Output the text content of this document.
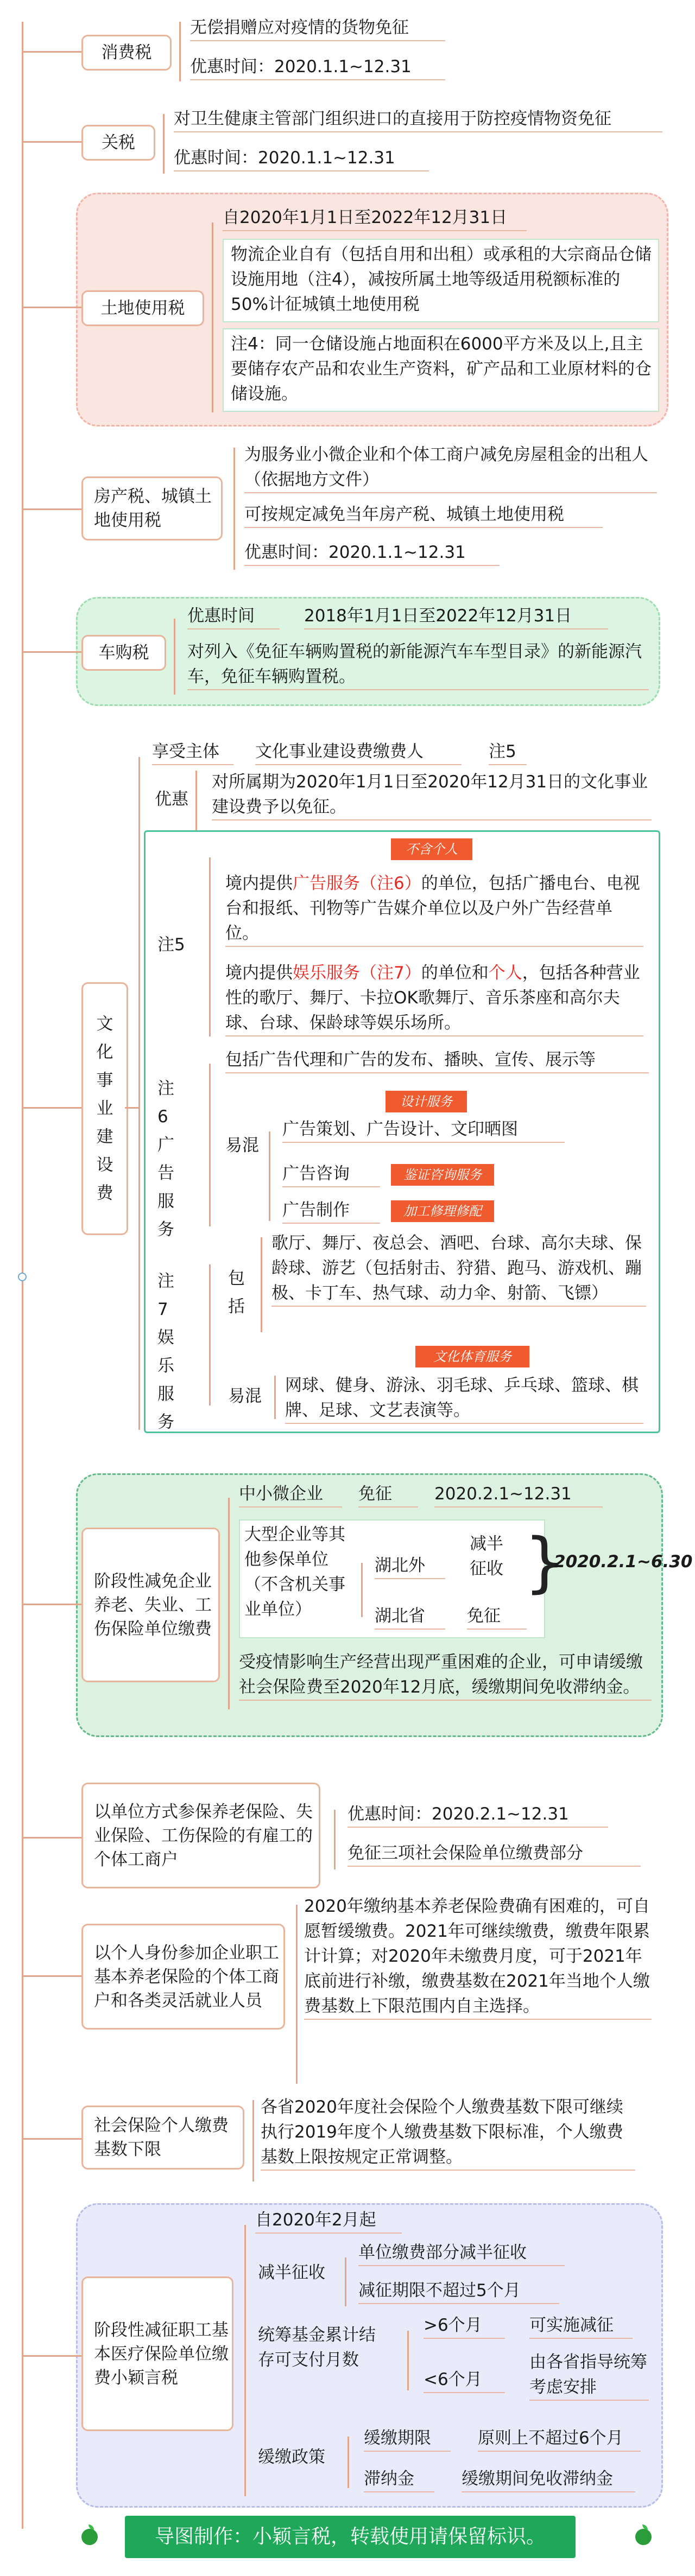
消费税
无偿捐赠应对疫情的货物免征
优惠时间：2020.1.1~12.31
关税
对卫生健康主管部门组织进口的直接用于防控疫情物资免征
优惠时间：2020.1.1~12.31
土地使用税
自2020年1月1日至2022年12月31日
物流企业自有（包括自用和出租）或承租的大宗商品仓储设施用地（注4），减按所属土地等级适用税额标准的50%计征城镇土地使用税
注4：同一仓储设施占地面积在6000平方米及以上,且主要储存农产品和农业生产资料，矿产品和工业原材料的仓储设施。
房产税、城镇土地使用税
为服务业小微企业和个体工商户减免房屋租金的出租人（依据地方文件）
可按规定减免当年房产税、城镇土地使用税
优惠时间：2020.1.1~12.31
车购税
优惠时间	2018年1月1日至2022年12月31日
对列入《免征车辆购置税的新能源汽车车型目录》的新能源汽车，免征车辆购置税。
文化事业建设费
享受主体	文化事业建设费缴费人	注5
优惠
对所属期为2020年1月1日至2020年12月31日的文化事业建设费予以免征。
注5
不含个人
境内提供广告服务（注6）的单位，包括广播电台、电视台和报纸、刊物等广告媒介单位以及户外广告经营单位。
境内提供娱乐服务（注7）的单位和个人，包括各种营业性的歌厅、舞厅、卡拉OK歌舞厅、音乐茶座和高尔夫球、台球、保龄球等娱乐场所。
注6广告服务
包括广告代理和广告的发布、播映、宣传、展示等
易混
设计服务
广告策划、广告设计、文印晒图
广告咨询	鉴证咨询服务
广告制作	加工修理修配
注7娱乐服务
包括
歌厅、舞厅、夜总会、酒吧、台球、高尔夫球、保龄球、游艺（包括射击、狩猎、跑马、游戏机、蹦极、卡丁车、热气球、动力伞、射箭、飞镖）
文化体育服务
易混
网球、健身、游泳、羽毛球、乒乓球、篮球、棋牌、足球、文艺表演等。
阶段性减免企业养老、失业、工伤保险单位缴费
中小微企业	免征	2020.2.1~12.31
大型企业等其他参保单位（不含机关事业单位）
湖北外
减半征收
湖北省	免征
}
2020.2.1~6.30
受疫情影响生产经营出现严重困难的企业，可申请缓缴社会保险费至2020年12月底，缓缴期间免收滞纳金。
以单位方式参保养老保险、失业保险、工伤保险的有雇工的个体工商户
优惠时间：2020.2.1~12.31
免征三项社会保险单位缴费部分
以个人身份参加企业职工基本养老保险的个体工商户和各类灵活就业人员
2020年缴纳基本养老保险费确有困难的，可自愿暂缓缴费。2021年可继续缴费，缴费年限累计计算；对2020年未缴费月度，可于2021年底前进行补缴，缴费基数在2021年当地个人缴费基数上下限范围内自主选择。
社会保险个人缴费基数下限
各省2020年度社会保险个人缴费基数下限可继续执行2019年度个人缴费基数下限标准，个人缴费基数上限按规定正常调整。
阶段性减征职工基本医疗保险单位缴费小颖言税
自2020年2月起
减半征收
单位缴费部分减半征收
减征期限不超过5个月
统筹基金累计结存可支付月数
>6个月	可实施减征
<6个月
由各省指导统筹考虑安排
缓缴政策
缓缴期限	原则上不超过6个月
滞纳金	缓缴期间免收滞纳金
导图制作：小颖言税，转载使用请保留标识。
